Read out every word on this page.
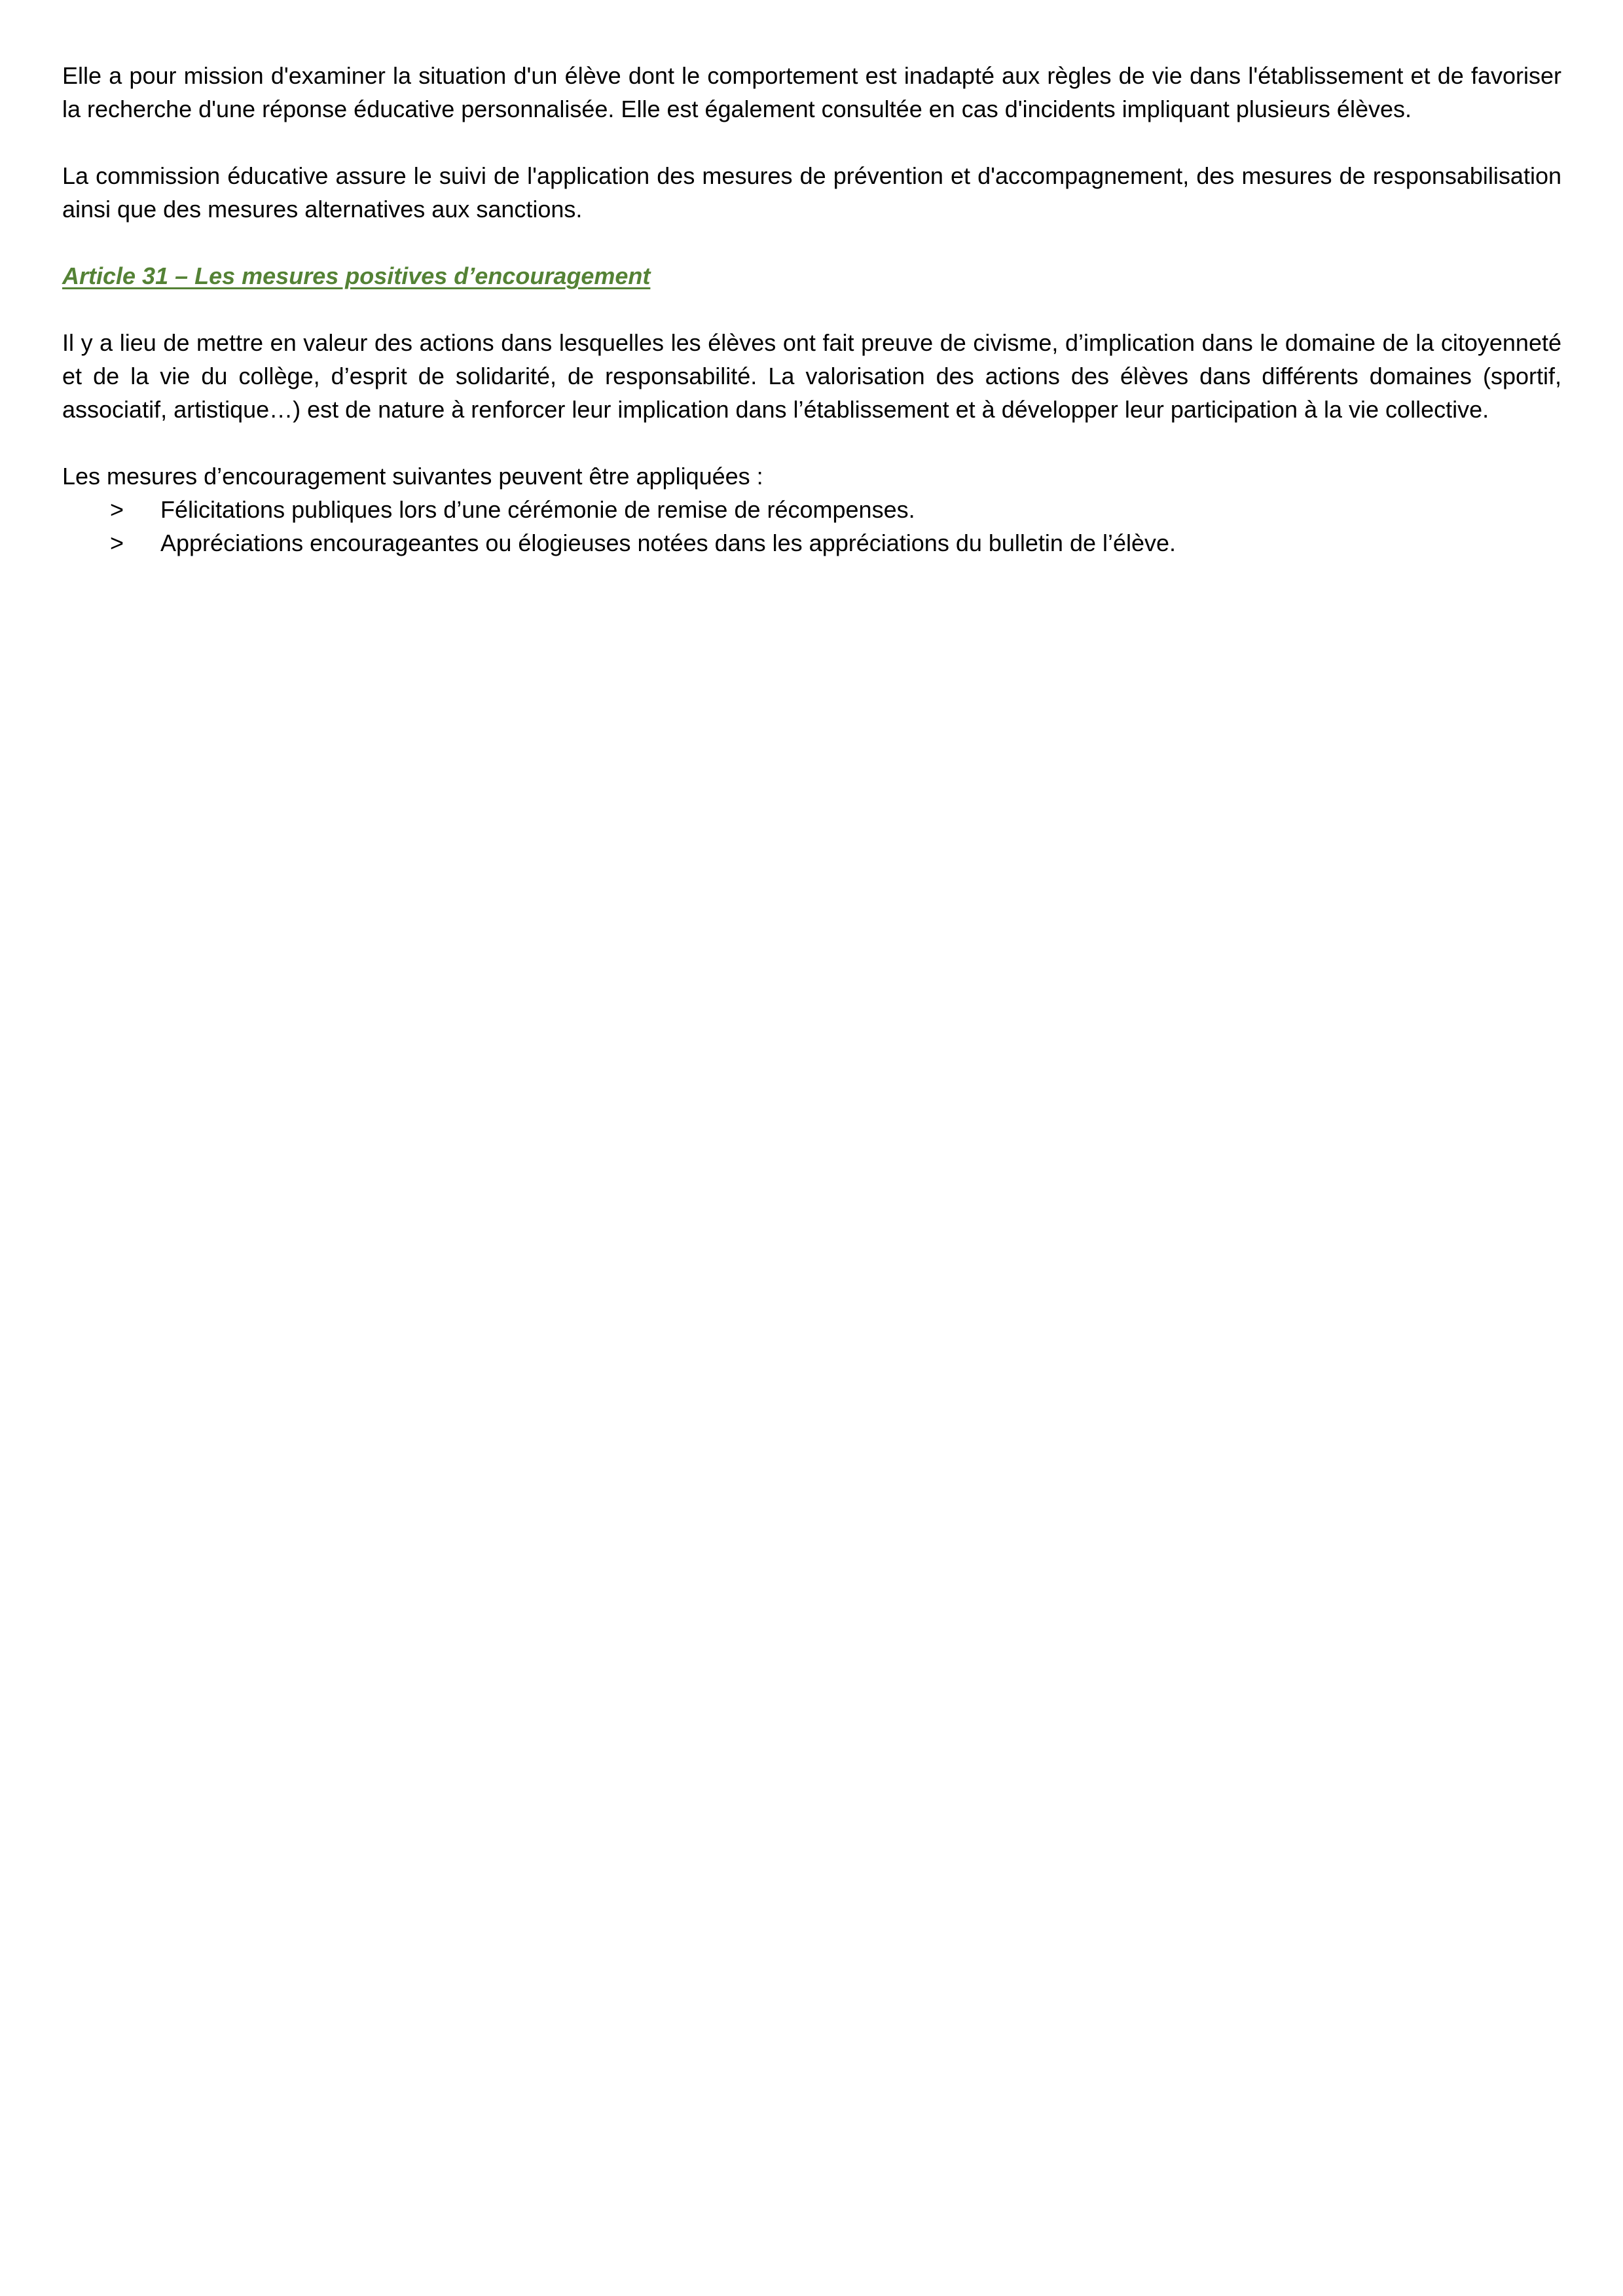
Elle a pour mission d'examiner la situation d'un élève dont le comportement est inadapté aux règles de vie dans l'établissement et de favoriser la recherche d'une réponse éducative personnalisée. Elle est également consultée en cas d'incidents impliquant plusieurs élèves.

La commission éducative assure le suivi de l'application des mesures de prévention et d'accompagnement, des mesures de responsabilisation ainsi que des mesures alternatives aux sanctions.

Article 31 – Les mesures positives d’encouragement

Il y a lieu de mettre en valeur des actions dans lesquelles les élèves ont fait preuve de civisme, d’implication dans le domaine de la citoyenneté et de la vie du collège, d’esprit de solidarité, de responsabilité. La valorisation des actions des élèves dans différents domaines (sportif, associatif, artistique…) est de nature à renforcer leur implication dans l’établissement et à développer leur participation à la vie collective.

Les mesures d’encouragement suivantes peuvent être appliquées :

>	Félicitations publiques lors d’une cérémonie de remise de récompenses.
>	Appréciations encourageantes ou élogieuses notées dans les appréciations du bulletin de l’élève.
